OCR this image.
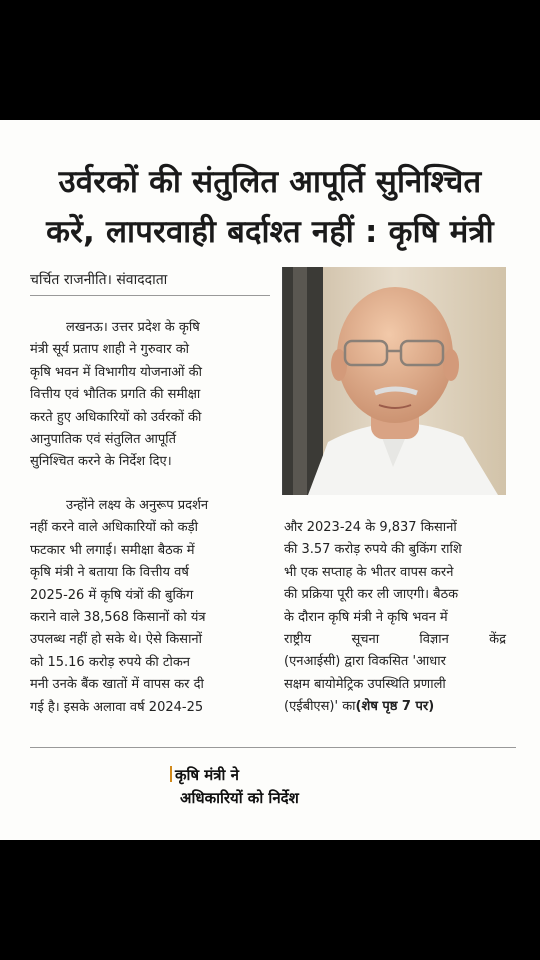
उर्वरकों की संतुलित आपूर्ति सुनिश्चित
करें, लापरवाही बर्दाश्त नहीं : कृषि मंत्री
चर्चित राजनीति। संवाददाता

लखनऊ। उत्तर प्रदेश के कृषि

मंत्री सूर्य प्रताप शाही ने गुरुवार को

कृषि भवन में विभागीय योजनाओं की

वित्तीय एवं भौतिक प्रगति की समीक्षा

करते हुए अधिकारियों को उर्वरकों की

आनुपातिक एवं संतुलित आपूर्ति

सुनिश्चित करने के निर्देश दिए।

उन्होंने लक्ष्य के अनुरूप प्रदर्शन

नहीं करने वाले अधिकारियों को कड़ी

फटकार भी लगाई। समीक्षा बैठक में

कृषि मंत्री ने बताया कि वित्तीय वर्ष

2025-26 में कृषि यंत्रों की बुकिंग

कराने वाले 38,568 किसानों को यंत्र

उपलब्ध नहीं हो सके थे। ऐसे किसानों

को 15.16 करोड़ रुपये की टोकन

मनी उनके बैंक खातों में वापस कर दी

गई है। इसके अलावा वर्ष 2024-25

और 2023-24 के 9,837 किसानों

की 3.57 करोड़ रुपये की बुकिंग राशि

भी एक सप्ताह के भीतर वापस करने

की प्रक्रिया पूरी कर ली जाएगी। बैठक

के दौरान कृषि मंत्री ने कृषि भवन में

राष्ट्रीय सूचना विज्ञान केंद्र

(एनआईसी) द्वारा विकसित 'आधार

सक्षम बायोमेट्रिक उपस्थिति प्रणाली

(एईबीएस)' का(शेष पृष्ठ 7 पर)

कृषि मंत्री ने
अधिकारियों को निर्देश
